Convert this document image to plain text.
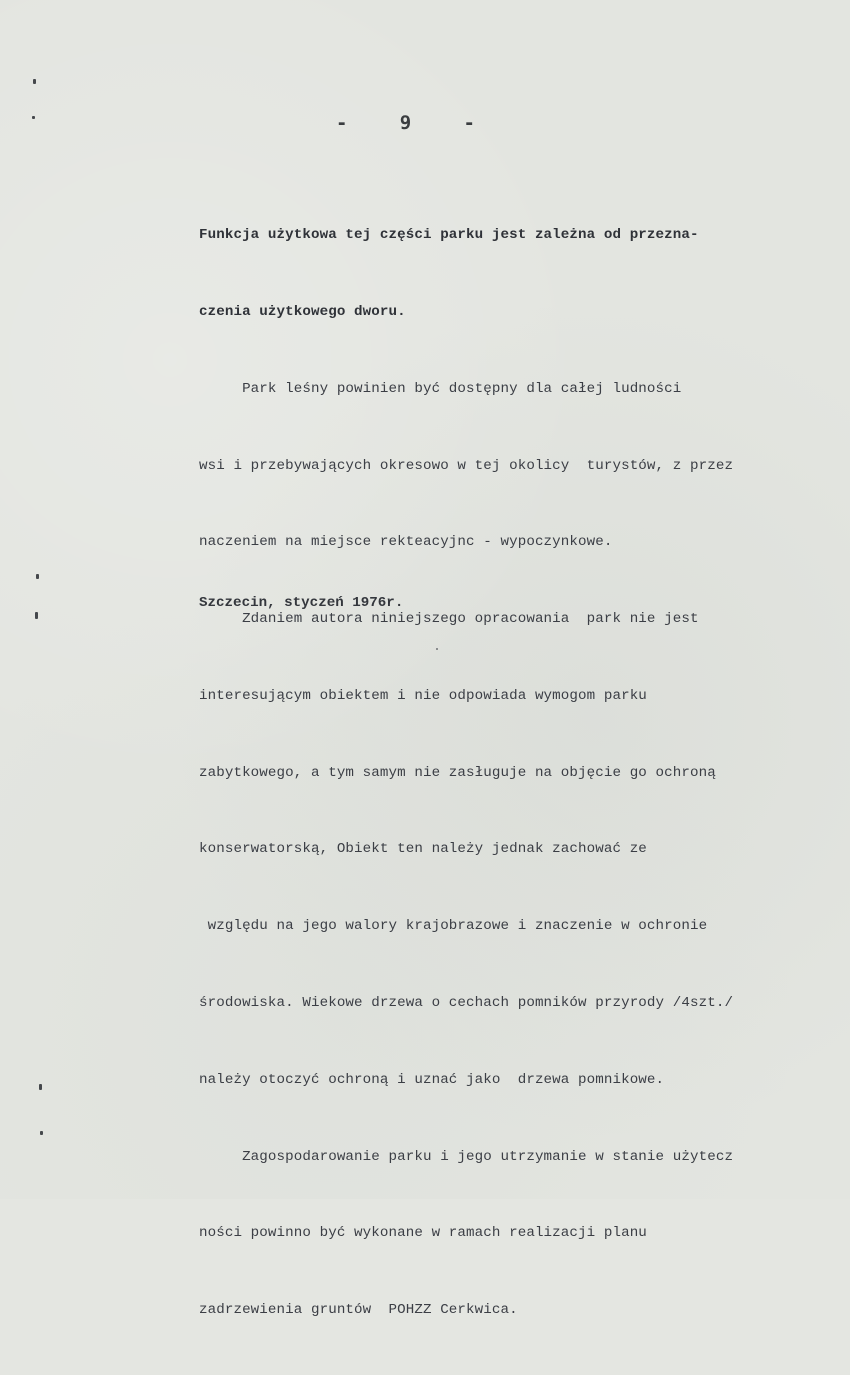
-	9	-

Funkcja użytkowa tej części parku jest zależna od przezna-

czenia użytkowego dworu.

Park leśny powinien być dostępny dla całej ludności

wsi i przebywających okresowo w tej okolicy  turystów, z przez

naczeniem na miejsce rekteacyjnc - wypoczynkowe.

Zdaniem autora niniejszego opracowania  park nie jest

interesującym obiektem i nie odpowiada wymogom parku

zabytkowego, a tym samym nie zasługuje na objęcie go ochroną

konserwatorską, Obiekt ten należy jednak zachować ze

względu na jego walory krajobrazowe i znaczenie w ochronie

środowiska. Wiekowe drzewa o cechach pomników przyrody /4szt./

należy otoczyć ochroną i uznać jako  drzewa pomnikowe.

Zagospodarowanie parku i jego utrzymanie w stanie użytecz

ności powinno być wykonane w ramach realizacji planu

zadrzewienia gruntów  POHZZ Cerkwica.

Szczecin, styczeń 1976r.
